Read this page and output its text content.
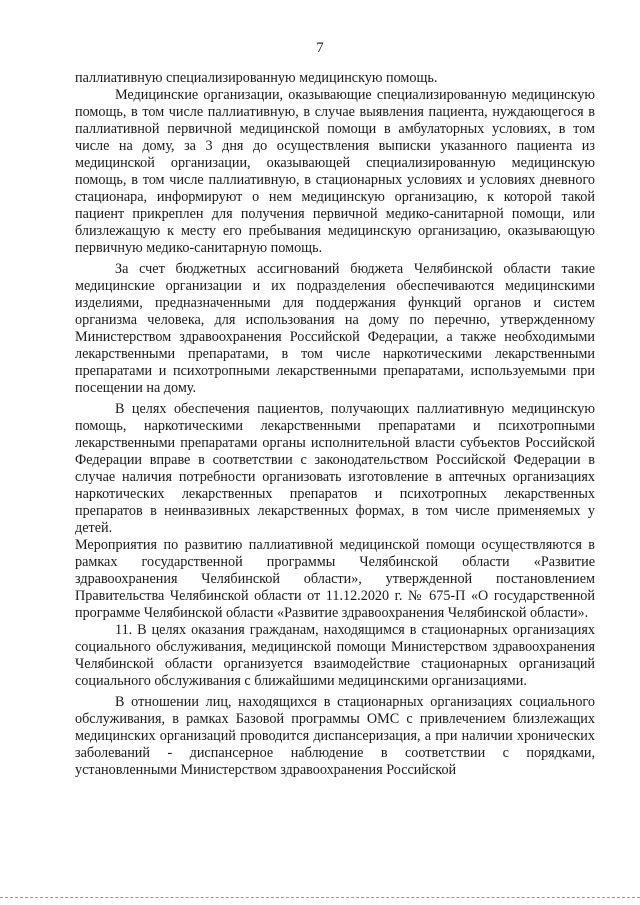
7

паллиативную специализированную медицинскую помощь.

Медицинские организации, оказывающие специализированную медицинскую помощь, в том числе паллиативную, в случае выявления пациента, нуждающегося в паллиативной первичной медицинской помощи в амбулаторных условиях, в том числе на дому, за 3 дня до осуществления выписки указанного пациента из медицинской организации, оказывающей специализированную медицинскую помощь, в том числе паллиативную, в стационарных условиях и условиях дневного стационара, информируют о нем медицинскую организацию, к которой такой пациент прикреплен для получения первичной медико-санитарной помощи, или близлежащую к месту его пребывания медицинскую организацию, оказывающую первичную медико-санитарную помощь.

За счет бюджетных ассигнований бюджета Челябинской области такие медицинские организации и их подразделения обеспечиваются медицинскими изделиями, предназначенными для поддержания функций органов и систем организма человека, для использования на дому по перечню, утвержденному Министерством здравоохранения Российской Федерации, а также необходимыми лекарственными препаратами, в том числе наркотическими лекарственными препаратами и психотропными лекарственными препаратами, используемыми при посещении на дому.

В целях обеспечения пациентов, получающих паллиативную медицинскую помощь, наркотическими лекарственными препаратами и психотропными лекарственными препаратами органы исполнительной власти субъектов Российской Федерации вправе в соответствии с законодательством Российской Федерации в случае наличия потребности организовать изготовление в аптечных организациях наркотических лекарственных препаратов и психотропных лекарственных препаратов в неинвазивных лекарственных формах, в том числе применяемых у детей.

Мероприятия по развитию паллиативной медицинской помощи осуществляются в рамках государственной программы Челябинской области «Развитие здравоохранения Челябинской области», утвержденной постановлением Правительства Челябинской области от 11.12.2020 г. № 675-П «О государственной программе Челябинской области «Развитие здравоохранения Челябинской области».

11. В целях оказания гражданам, находящимся в стационарных организациях социального обслуживания, медицинской помощи Министерством здравоохранения Челябинской области организуется взаимодействие стационарных организаций социального обслуживания с ближайшими медицинскими организациями.

В отношении лиц, находящихся в стационарных организациях социального обслуживания, в рамках Базовой программы ОМС с привлечением близлежащих медицинских организаций проводится диспансеризация, а при наличии хронических заболеваний - диспансерное наблюдение в соответствии с порядками, установленными Министерством здравоохранения Российской
